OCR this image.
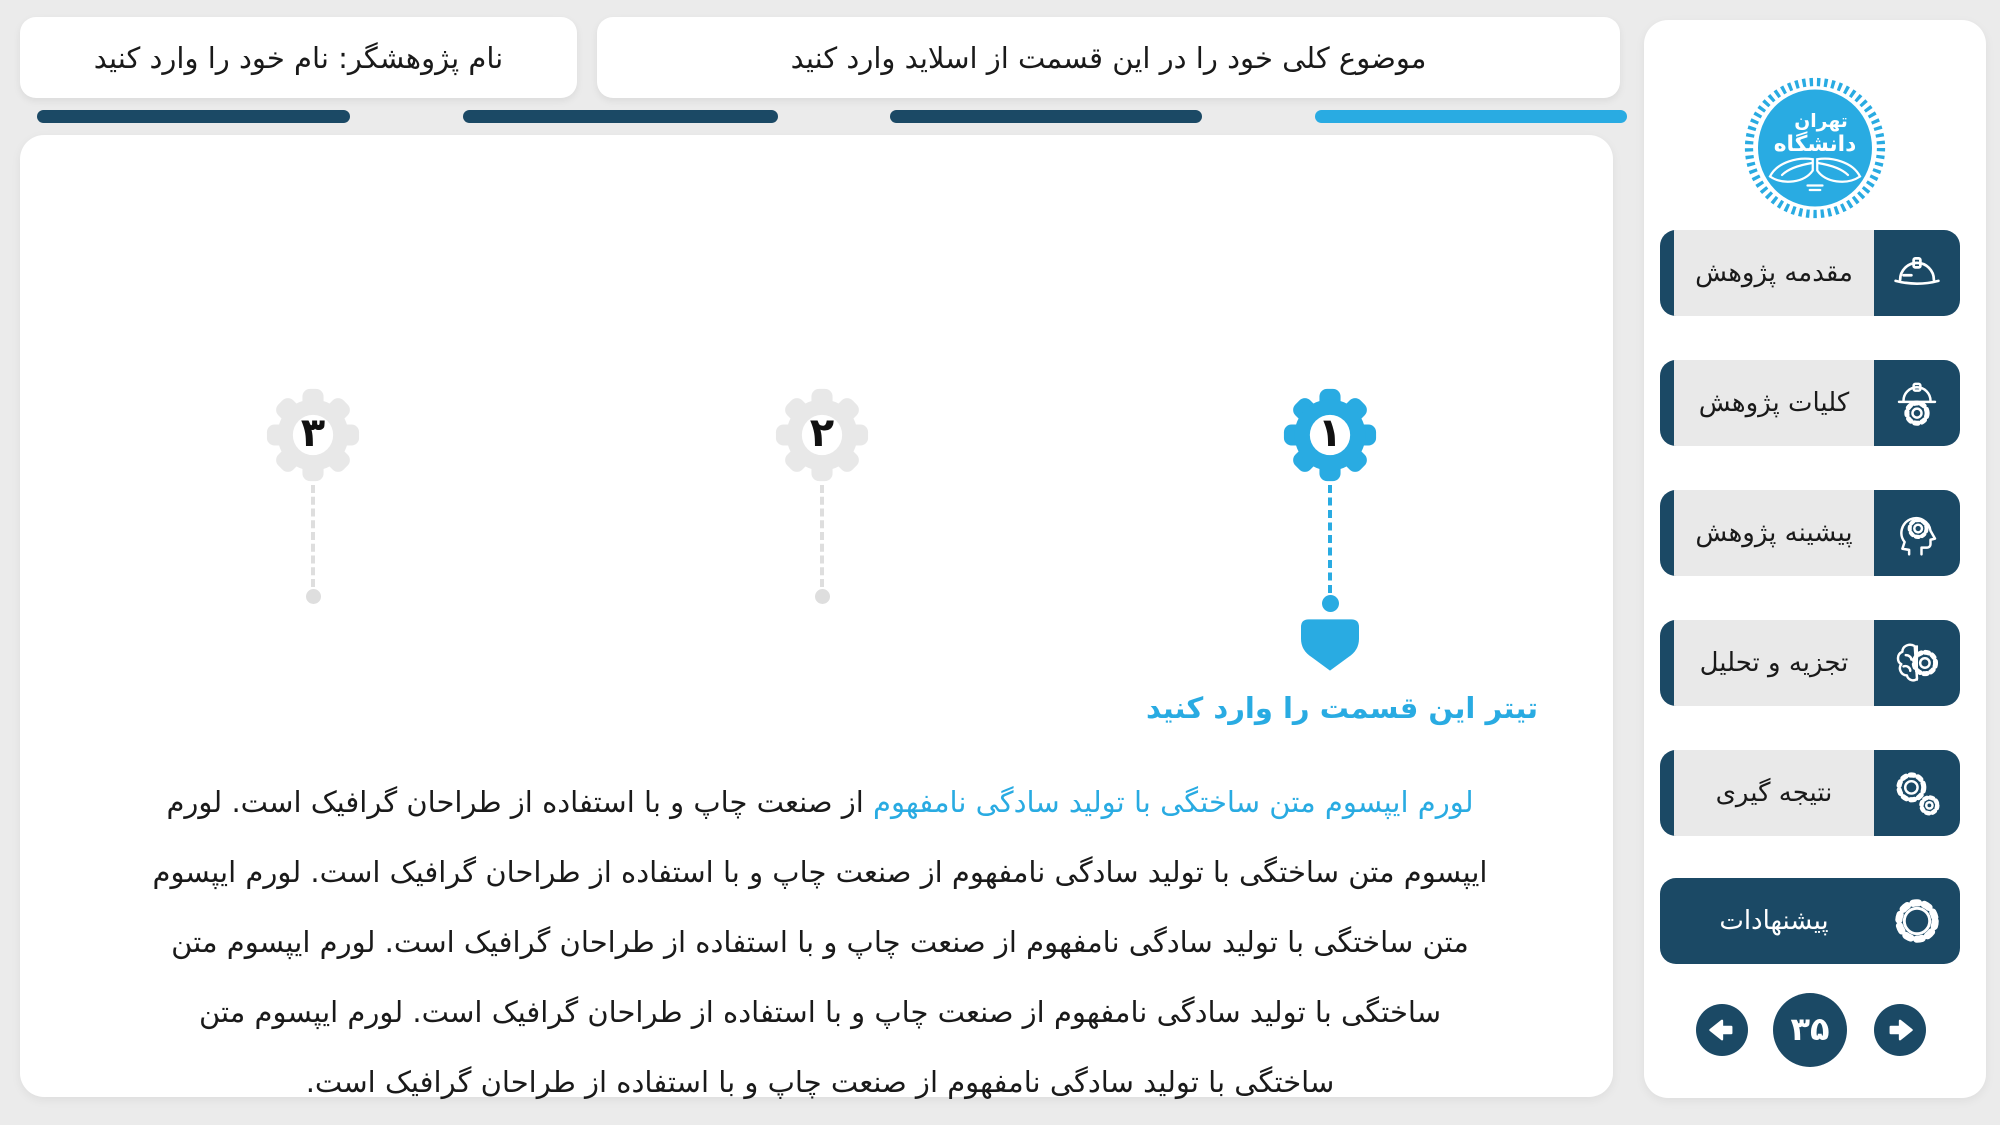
نام پژوهشگر: نام خود را وارد کنید	موضوع کلی خود را در این قسمت از اسلاید وارد کنید
۱
۲
۳
تیتر این قسمت را وارد کنید
لورم ایپسوم متن ساختگی با تولید سادگی نامفهوم از صنعت چاپ و با استفاده از طراحان گرافیک است. لورم ایپسوم متن ساختگی با تولید سادگی نامفهوم از صنعت چاپ و با استفاده از طراحان گرافیک است. لورم ایپسوم متن ساختگی با تولید سادگی نامفهوم از صنعت چاپ و با استفاده از طراحان گرافیک است. لورم ایپسوم متن ساختگی با تولید سادگی نامفهوم از صنعت چاپ و با استفاده از طراحان گرافیک است. لورم ایپسوم متن ساختگی با تولید سادگی نامفهوم از صنعت چاپ و با استفاده از طراحان گرافیک است.
تهران
دانشگاه
مقدمه پژوهش
کلیات پژوهش
پیشینه پژوهش
تجزیه و تحلیل
نتیجه گیری
پیشنهادات
۳۵
